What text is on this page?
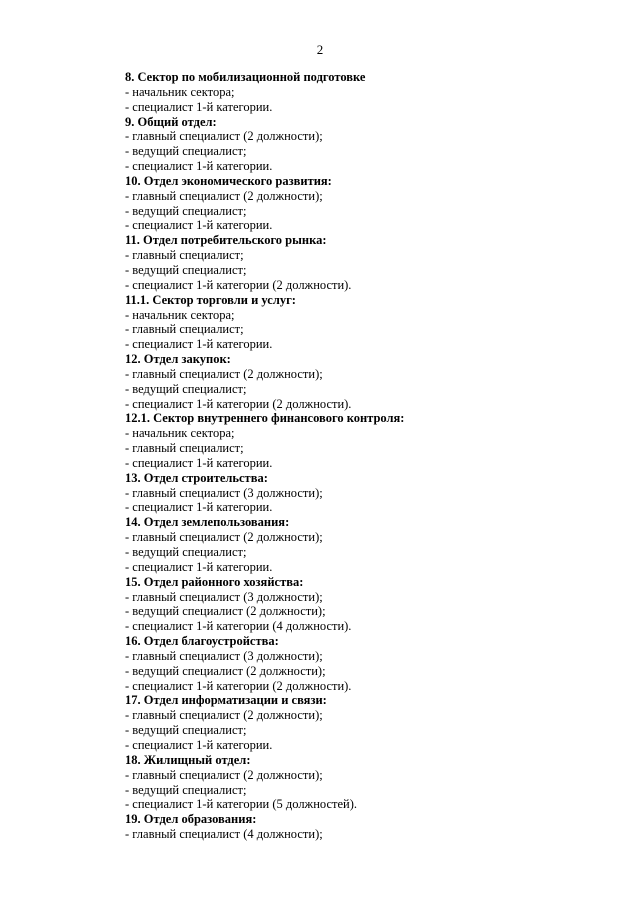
2
8. Сектор по мобилизационной подготовке
- начальник сектора;
- специалист 1-й категории.
9. Общий отдел:
- главный специалист (2 должности);
- ведущий специалист;
- специалист 1-й категории.
10. Отдел экономического развития:
- главный специалист (2 должности);
- ведущий специалист;
- специалист 1-й категории.
11. Отдел потребительского рынка:
- главный специалист;
- ведущий специалист;
- специалист 1-й категории (2 должности).
11.1. Сектор торговли и услуг:
- начальник сектора;
- главный специалист;
- специалист 1-й категории.
12. Отдел закупок:
- главный специалист (2 должности);
- ведущий специалист;
- специалист 1-й категории (2 должности).
12.1. Сектор внутреннего финансового контроля:
- начальник сектора;
- главный специалист;
- специалист 1-й категории.
13. Отдел строительства:
- главный специалист (3 должности);
- специалист 1-й категории.
14. Отдел землепользования:
- главный специалист (2 должности);
- ведущий специалист;
- специалист 1-й категории.
15. Отдел районного хозяйства:
- главный специалист (3 должности);
- ведущий специалист (2 должности);
- специалист 1-й категории (4 должности).
16. Отдел благоустройства:
- главный специалист (3 должности);
- ведущий специалист (2 должности);
- специалист 1-й категории (2 должности).
17. Отдел информатизации и связи:
- главный специалист (2 должности);
- ведущий специалист;
- специалист 1-й категории.
18. Жилищный отдел:
- главный специалист (2 должности);
- ведущий специалист;
- специалист 1-й категории (5 должностей).
19. Отдел образования:
- главный специалист (4 должности);
